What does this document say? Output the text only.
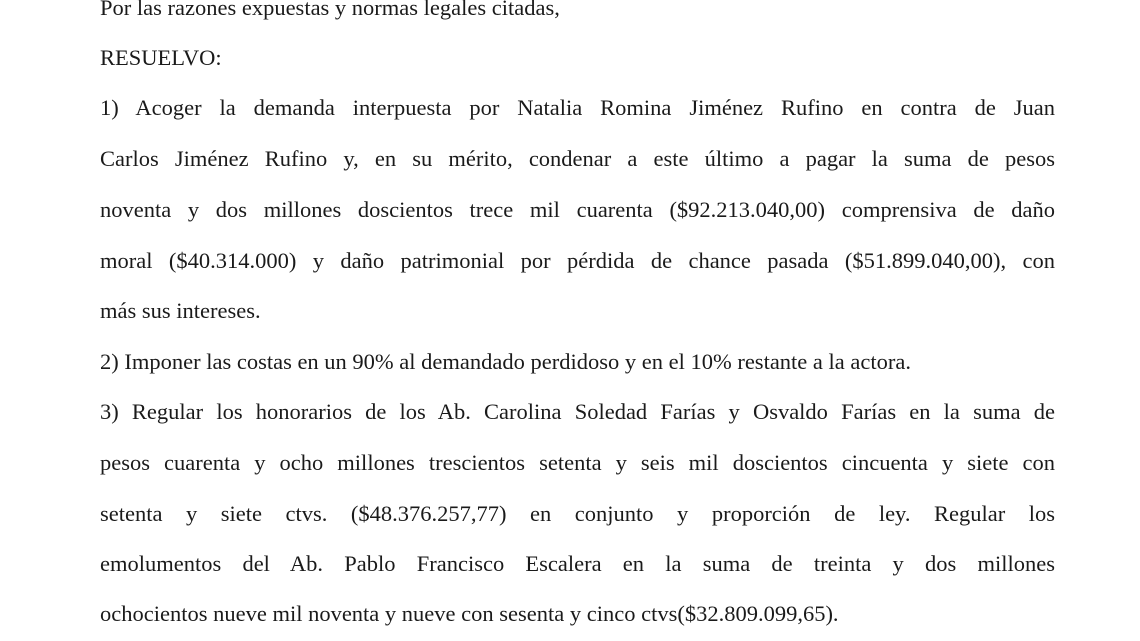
Por las razones expuestas y normas legales citadas,
RESUELVO:
1) Acoger la demanda interpuesta por Natalia Romina Jiménez Rufino en contra de Juan
Carlos Jiménez Rufino y, en su mérito, condenar a este último a pagar la suma de pesos
noventa y dos millones doscientos trece mil cuarenta ($92.213.040,00) comprensiva de daño
moral ($40.314.000) y daño patrimonial por pérdida de chance pasada ($51.899.040,00), con
más sus intereses.
2) Imponer las costas en un 90% al demandado perdidoso y en el 10% restante a la actora.
3) Regular los honorarios de los Ab. Carolina Soledad Farías y Osvaldo Farías en la suma de
pesos cuarenta y ocho millones trescientos setenta y seis mil doscientos cincuenta y siete con
setenta y siete ctvs. ($48.376.257,77) en conjunto y proporción de ley. Regular los
emolumentos del Ab. Pablo Francisco Escalera en la suma de treinta y dos millones
ochocientos nueve mil noventa y nueve con sesenta y cinco ctvs($32.809.099,65).
